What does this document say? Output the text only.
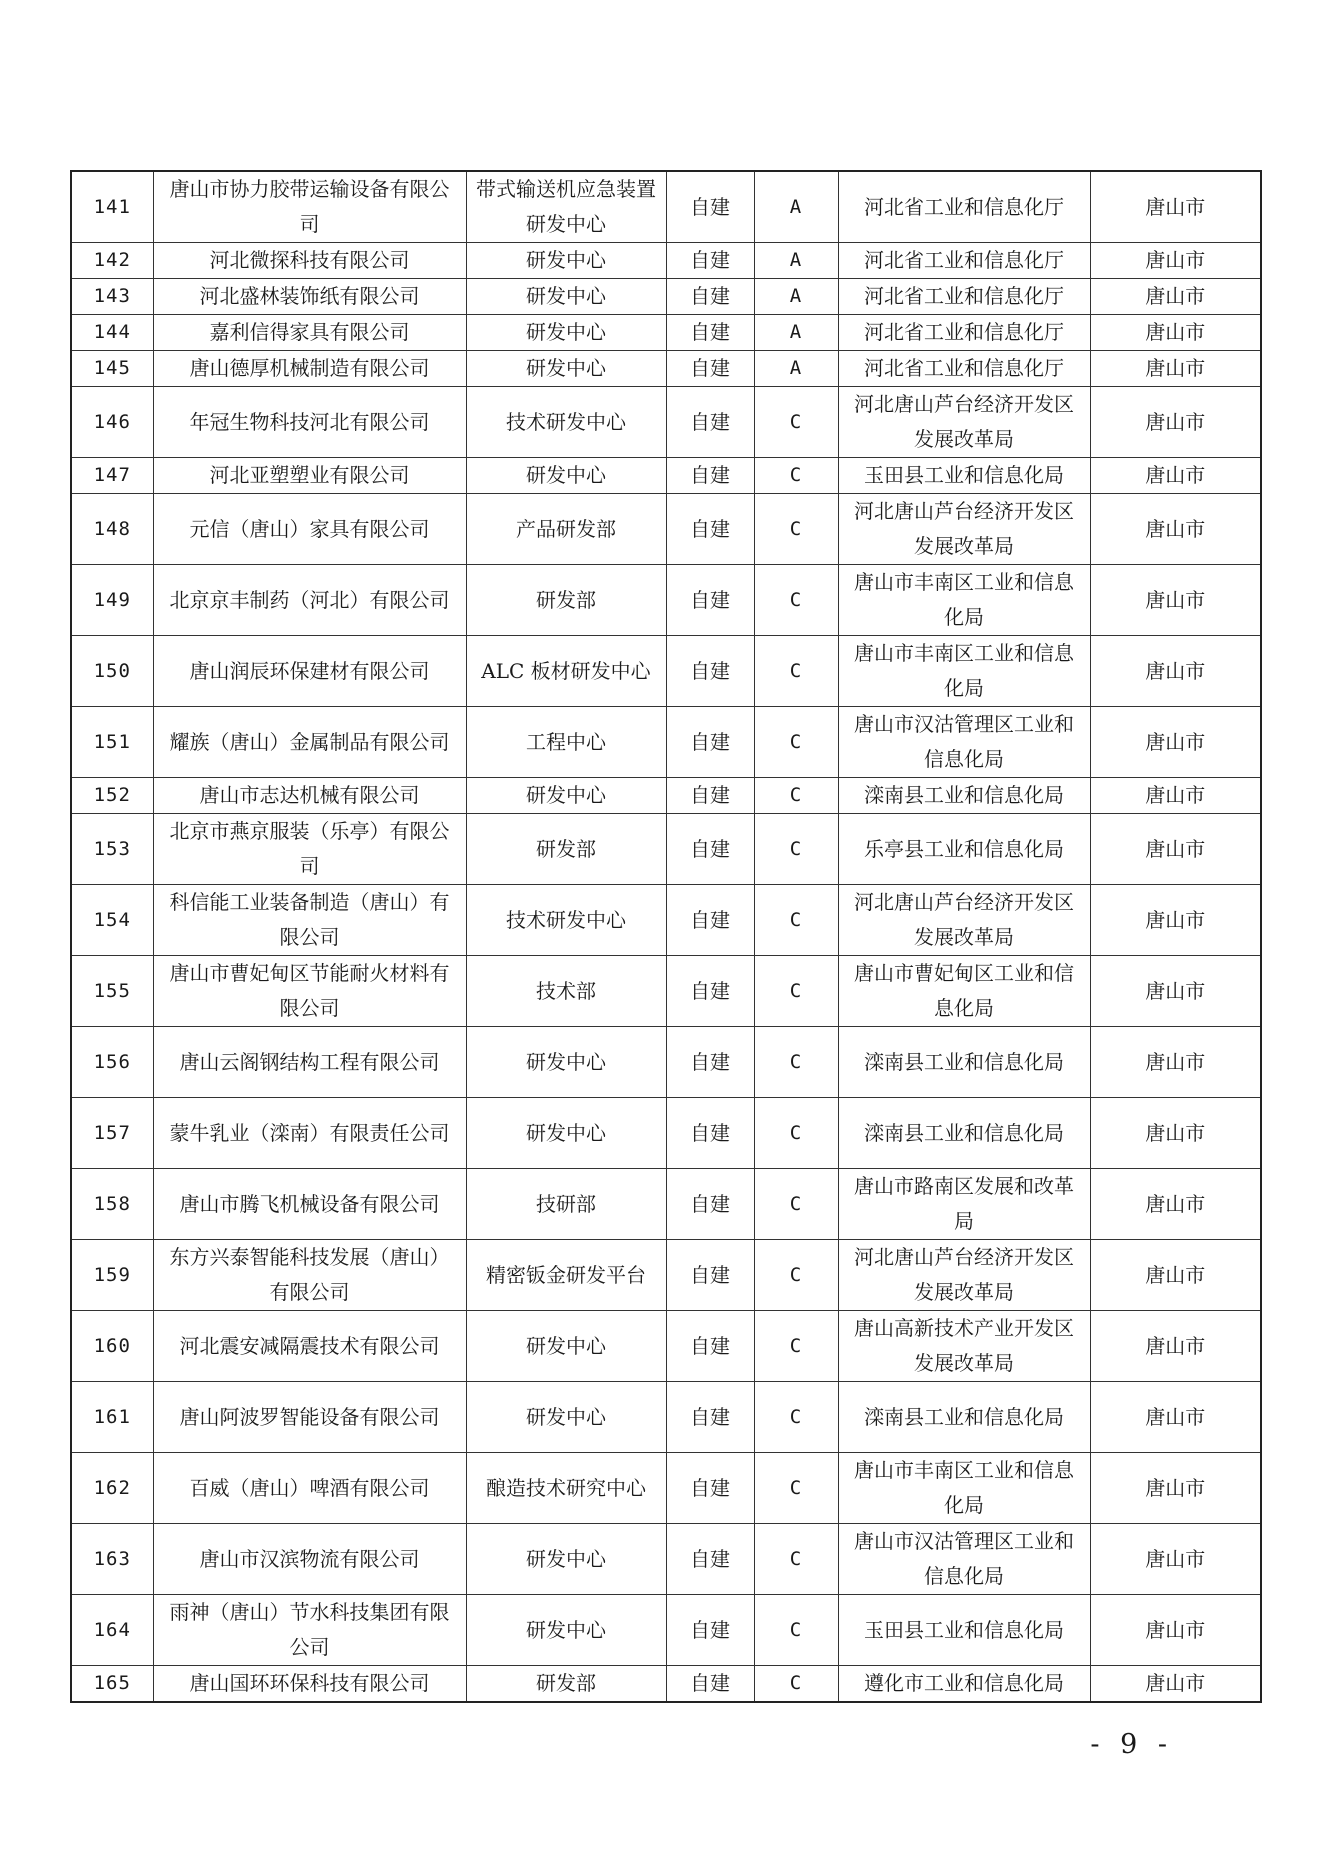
141	唐山市协力胶带运输设备有限公司	带式输送机应急装置研发中心	自建	A	河北省工业和信息化厅	唐山市
142	河北微探科技有限公司	研发中心	自建	A	河北省工业和信息化厅	唐山市
143	河北盛林装饰纸有限公司	研发中心	自建	A	河北省工业和信息化厅	唐山市
144	嘉利信得家具有限公司	研发中心	自建	A	河北省工业和信息化厅	唐山市
145	唐山德厚机械制造有限公司	研发中心	自建	A	河北省工业和信息化厅	唐山市
146	年冠生物科技河北有限公司	技术研发中心	自建	C	河北唐山芦台经济开发区发展改革局	唐山市
147	河北亚塑塑业有限公司	研发中心	自建	C	玉田县工业和信息化局	唐山市
148	元信（唐山）家具有限公司	产品研发部	自建	C	河北唐山芦台经济开发区发展改革局	唐山市
149	北京京丰制药（河北）有限公司	研发部	自建	C	唐山市丰南区工业和信息化局	唐山市
150	唐山润辰环保建材有限公司	ALC 板材研发中心	自建	C	唐山市丰南区工业和信息化局	唐山市
151	耀族（唐山）金属制品有限公司	工程中心	自建	C	唐山市汉沽管理区工业和信息化局	唐山市
152	唐山市志达机械有限公司	研发中心	自建	C	滦南县工业和信息化局	唐山市
153	北京市燕京服装（乐亭）有限公司	研发部	自建	C	乐亭县工业和信息化局	唐山市
154	科信能工业装备制造（唐山）有限公司	技术研发中心	自建	C	河北唐山芦台经济开发区发展改革局	唐山市
155	唐山市曹妃甸区节能耐火材料有限公司	技术部	自建	C	唐山市曹妃甸区工业和信息化局	唐山市
156	唐山云阁钢结构工程有限公司	研发中心	自建	C	滦南县工业和信息化局	唐山市
157	蒙牛乳业（滦南）有限责任公司	研发中心	自建	C	滦南县工业和信息化局	唐山市
158	唐山市腾飞机械设备有限公司	技研部	自建	C	唐山市路南区发展和改革局	唐山市
159	东方兴泰智能科技发展（唐山）有限公司	精密钣金研发平台	自建	C	河北唐山芦台经济开发区发展改革局	唐山市
160	河北震安减隔震技术有限公司	研发中心	自建	C	唐山高新技术产业开发区发展改革局	唐山市
161	唐山阿波罗智能设备有限公司	研发中心	自建	C	滦南县工业和信息化局	唐山市
162	百威（唐山）啤酒有限公司	酿造技术研究中心	自建	C	唐山市丰南区工业和信息化局	唐山市
163	唐山市汉滨物流有限公司	研发中心	自建	C	唐山市汉沽管理区工业和信息化局	唐山市
164	雨神（唐山）节水科技集团有限公司	研发中心	自建	C	玉田县工业和信息化局	唐山市
165	唐山国环环保科技有限公司	研发部	自建	C	遵化市工业和信息化局	唐山市
- 9 -
